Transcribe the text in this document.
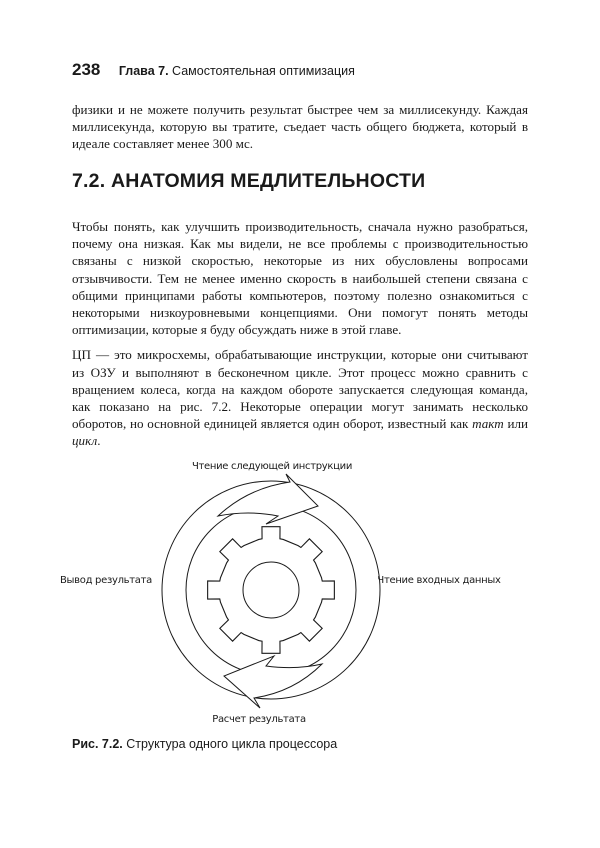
238 Глава 7. Самостоятельная оптимизация

физики и не можете получить результат быстрее чем за миллисекунду. Каждая миллисекунда, которую вы тратите, съедает часть общего бюджета, который в идеале составляет менее 300 мс.

7.2. АНАТОМИЯ МЕДЛИТЕЛЬНОСТИ

Чтобы понять, как улучшить производительность, сначала нужно разобраться, почему она низкая. Как мы видели, не все проблемы с производительностью связаны с низкой скоростью, некоторые из них обусловлены вопросами отзывчивости. Тем не менее именно скорость в наибольшей степени связана с общими принципами работы компьютеров, поэтому полезно ознакомиться с некоторыми низкоуровневыми концепциями. Они помогут понять методы оптимизации, которые я буду обсуждать ниже в этой главе.

ЦП — это микросхемы, обрабатывающие инструкции, которые они считывают из ОЗУ и выполняют в бесконечном цикле. Этот процесс можно сравнить с вращением колеса, когда на каждом обороте запускается следующая команда, как показано на рис. 7.2. Некоторые операции могут занимать несколько оборотов, но основной единицей является один оборот, известный как такт или цикл.

Чтение следующей инструкции
Чтение входных данных
Расчет результата
Вывод результата
Рис. 7.2. Структура одного цикла процессора
